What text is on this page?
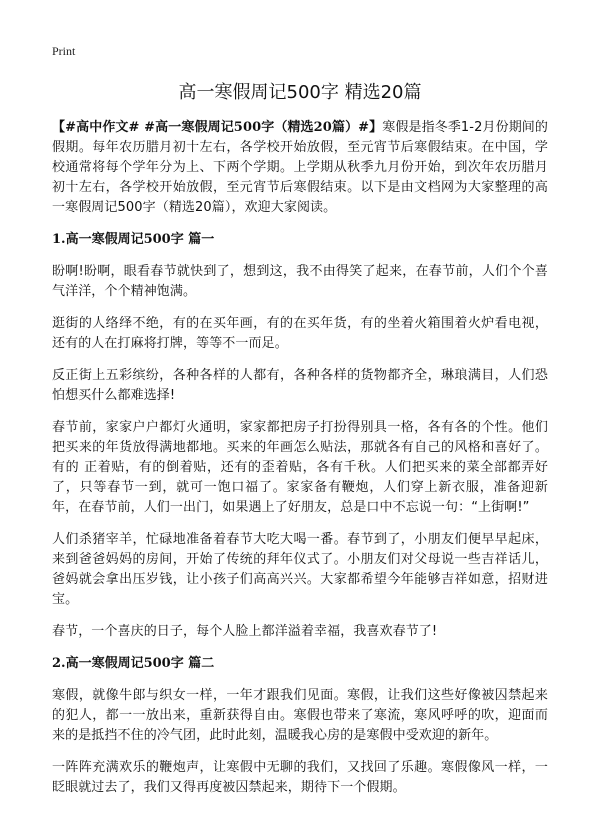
Print
高一寒假周记500字 精选20篇

【#高中作文# #高一寒假周记500字（精选20篇）#】寒假是指冬季1-2月份期间的假期。每年农历腊月初十左右，各学校开始放假，至元宵节后寒假结束。在中国，学校通常将每个学年分为上、下两个学期。上学期从秋季九月份开始，到次年农历腊月初十左右，各学校开始放假，至元宵节后寒假结束。以下是由文档网为大家整理的高一寒假周记500字（精选20篇），欢迎大家阅读。

1.高一寒假周记500字 篇一

盼啊!盼啊，眼看春节就快到了，想到这，我不由得笑了起来，在春节前，人们个个喜气洋洋，个个精神饱满。

逛街的人络绎不绝，有的在买年画，有的在买年货，有的坐着火箱围着火炉看电视，还有的人在打麻将打牌，等等不一而足。

反正街上五彩缤纷，各种各样的人都有，各种各样的货物都齐全，琳琅满目，人们恐怕想买什么都难选择!

春节前，家家户户都灯火通明，家家都把房子打扮得别具一格，各有各的个性。他们把买来的年货放得满地都地。买来的年画怎么贴法，那就各有自己的风格和喜好了。有的 正着贴，有的倒着贴，还有的歪着贴，各有千秋。人们把买来的菜全部都弄好了，只等春节一到，就可一饱口福了。家家备有鞭炮，人们穿上新衣服，准备迎新年，在春节前，人们一出门，如果遇上了好朋友，总是口中不忘说一句：“上街啊!”

人们杀猪宰羊，忙碌地准备着春节大吃大喝一番。春节到了，小朋友们便早早起床，来到爸爸妈妈的房间，开始了传统的拜年仪式了。小朋友们对父母说一些吉祥话儿，爸妈就会拿出压岁钱，让小孩子们高高兴兴。大家都希望今年能够吉祥如意，招财进宝。

春节，一个喜庆的日子，每个人脸上都洋溢着幸福，我喜欢春节了!

2.高一寒假周记500字 篇二

寒假，就像牛郎与织女一样，一年才跟我们见面。寒假，让我们这些好像被囚禁起来的犯人，都一一放出来，重新获得自由。寒假也带来了寒流，寒风呼呼的吹，迎面而来的是抵挡不住的冷气团，此时此刻，温暖我心房的是寒假中受欢迎的新年。

一阵阵充满欢乐的鞭炮声，让寒假中无聊的我们，又找回了乐趣。寒假像风一样，一眨眼就过去了，我们又得再度被囚禁起来，期待下一个假期。
